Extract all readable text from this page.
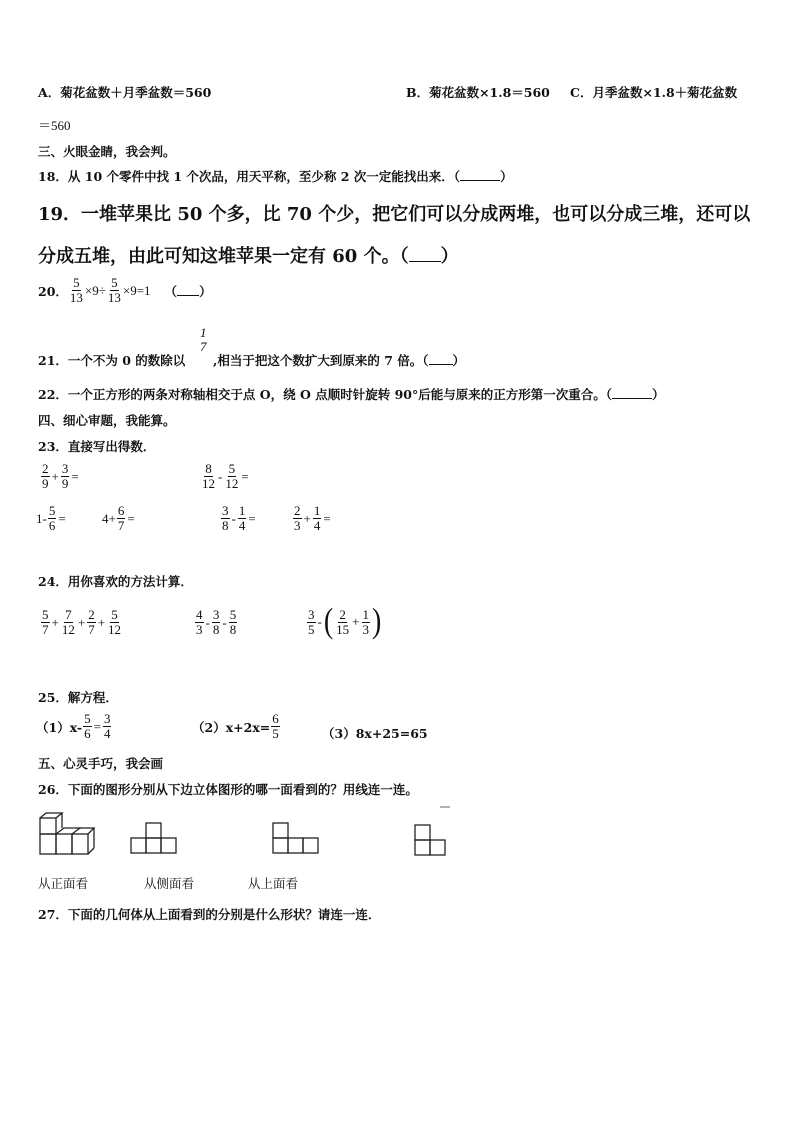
A．菊花盆数＋月季盆数＝560	B．菊花盆数×1.8＝560 C．月季盆数×1.8＋菊花盆数
＝560
三、火眼金睛，我会判。
18．从 10 个零件中找 1 个次品，用天平称，至少称 2 次一定能找出来．（	）
19．一堆苹果比 50 个多，比 70 个少，把它们可以分成两堆，也可以分成三堆，还可以
分成五堆，由此可知这堆苹果一定有 60 个。（ ）
20． $\frac{5}{13} \times 9\div \frac{5}{13} \times 9=1$ （ ）
21．一个不为 0 的数除以
1
7
,相当于把这个数扩大到原来的 7 倍。（ ）
22．一个正方形的两条对称轴相交于点 O，绕 O 点顺时针旋转 90°后能与原来的正方形第一次重合。（	）
四、细心审题，我能算。
23．直接写出得数．
2
$9 + \frac{3}{9}$ =	8
$12 - \frac{5}{12}$ =
$1- \frac{5}{6}$ =	$4+ \frac{6}{7}$ =	3
$8 - \frac{1}{4}$ =	2
$3 + \frac{1}{4}$ =
24．用你喜欢的方法计算．
5
$7 + \frac{7}{12} + \frac{2}{7} + \frac{5}{12}$	4
3 - 3
8 - 5
8
3
5 - ( 2
$15 + \frac{1}{3}$ )
25．解方程．
$(1)x- \frac{5}{6} = \frac{3}{4}$	$(2)x+2x= \frac{6}{5}$	（3）8x+25=65
五、心灵手巧，我会画
26．下面的图形分别从下边立体图形的哪一面看到的？用线连一连。
从正面看	从侧面看	从上面看
27．下面的几何体从上面看到的分别是什么形状？请连一连．
